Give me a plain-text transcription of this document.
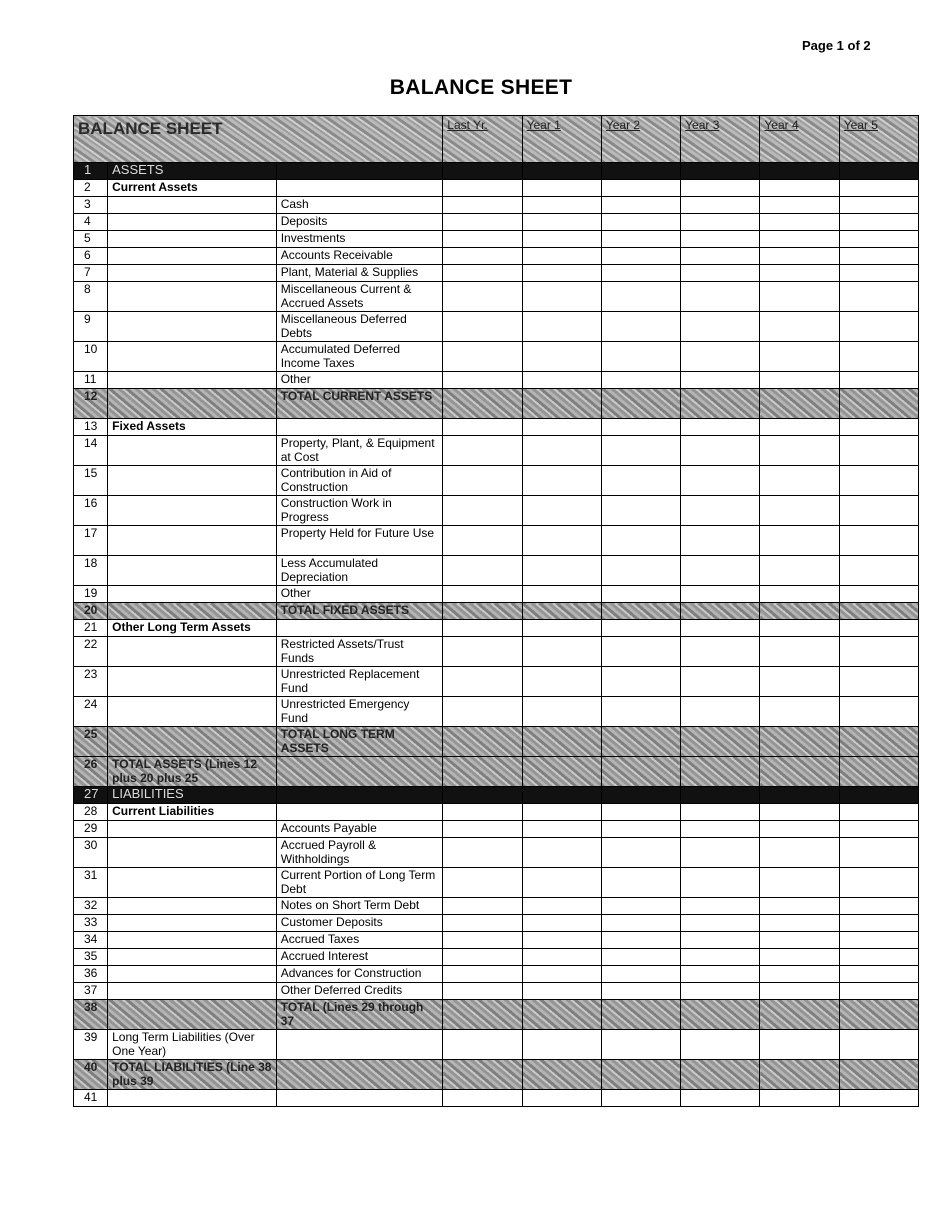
Page 1 of 2
BALANCE SHEET
BALANCE SHEET			Last Yr.	Year 1	Year 2	Year 3	Year 4	Year 5
1	ASSETS							
2	Current Assets							
3		Cash						
4		Deposits						
5		Investments						
6		Accounts Receivable						
7		Plant, Material & Supplies						
8		Miscellaneous Current & Accrued Assets						
9		Miscellaneous Deferred Debts						
10		Accumulated Deferred Income Taxes						
11		Other						
12		TOTAL CURRENT ASSETS						
13	Fixed Assets							
14		Property, Plant, & Equipment at Cost						
15		Contribution in Aid of Construction						
16		Construction Work in Progress						
17		Property Held for Future Use						
18		Less Accumulated Depreciation						
19		Other						
20		TOTAL FIXED ASSETS						
21	Other Long Term Assets							
22		Restricted Assets/Trust Funds						
23		Unrestricted Replacement Fund						
24		Unrestricted Emergency Fund						
25		TOTAL LONG TERM ASSETS						
26	TOTAL ASSETS (Lines 12 plus 20 plus 25							
27	LIABILITIES							
28	Current Liabilities							
29		Accounts Payable						
30		Accrued Payroll & Withholdings						
31		Current Portion of Long Term Debt						
32		Notes on Short Term Debt						
33		Customer Deposits						
34		Accrued Taxes						
35		Accrued Interest						
36		Advances for Construction						
37		Other Deferred Credits						
38		TOTAL (Lines 29 through 37						
39	Long Term Liabilities (Over One Year)							
40	TOTAL LIABILITIES (Line 38 plus 39							
41								
